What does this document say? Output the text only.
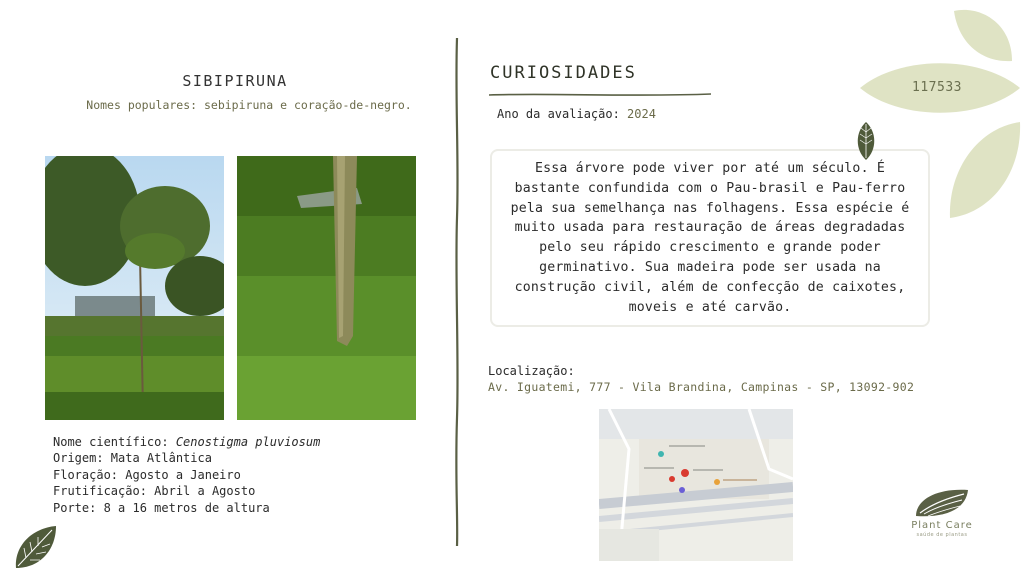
SIBIPIRUNA
Nomes populares: sebipiruna e coração-de-negro.
Nome científico: Cenostigma pluviosum
Origem: Mata Atlântica
Floração: Agosto a Janeiro
Frutificação: Abril a Agosto
Porte: 8 a 16 metros de altura
CURIOSIDADES
Ano da avaliação: 2024

Essa árvore pode viver por até um século. É bastante confundida com o Pau-brasil e Pau-ferro pela sua semelhança nas folhagens. Essa espécie é muito usada para restauração de áreas degradadas pelo seu rápido crescimento e grande poder germinativo. Sua madeira pode ser usada na construção civil, além de confecção de caixotes, moveis e até carvão.

Localização:
Av. Iguatemi, 777 - Vila Brandina, Campinas - SP, 13092-902
117533
Plant Care
saúde de plantas
